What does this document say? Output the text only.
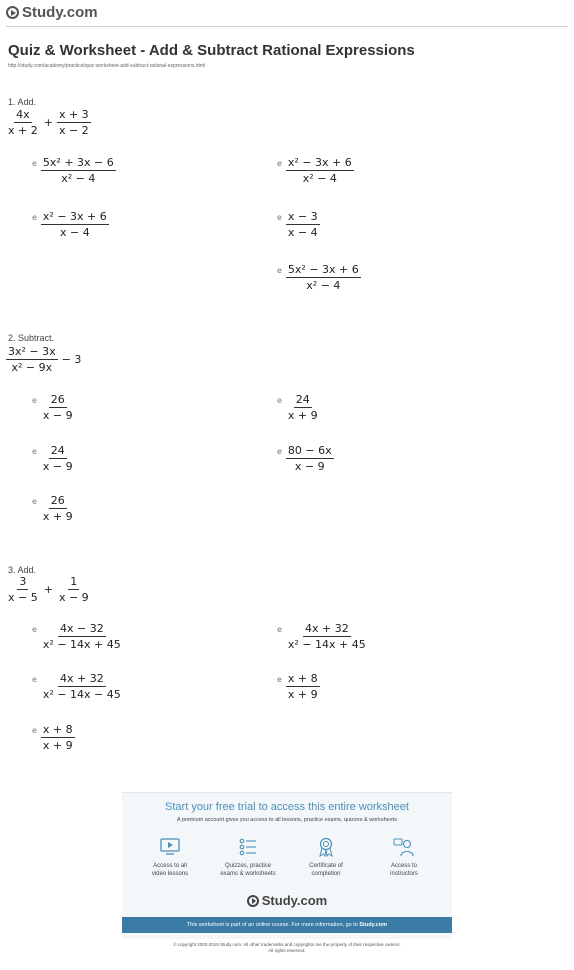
Study.com
Quiz & Worksheet - Add & Subtract Rational Expressions
http://study.com/academy/practice/quiz-worksheet-add-subtract-rational-expressions.html
1. Add.
$\frac{4x}{x + 2} + \frac{x + 3}{x - 2}$
e $\frac{\text{5x² + 3x − 6}}{\text{x² − 4}}$	e $\frac{\text{x² − 3x + 6}}{\text{x² − 4}}$
e $\frac{\text{x² − 3x + 6}}{x - 4}$	e $\frac{x - 3}{x - 4}$
e $\frac{\text{5x² − 3x + 6}}{\text{x² − 4}}$
2. Subtract.
$\frac{\text{3x² − 3x}}{\text{x² − 9x}} - 3$
e $\frac{26}{x - 9}$	e $\frac{24}{x + 9}$
e $\frac{24}{x - 9}$	e $\frac{80 - 6x}{x - 9}$
e $\frac{26}{x + 9}$
3. Add.
$\frac{3}{x - 5} + \frac{1}{x - 9}$
e $\frac{4x - 32}{\text{x² − 14x + 45}}$	e $\frac{4x + 32}{\text{x² − 14x + 45}}$
e $\frac{4x + 32}{\text{x² − 14x − 45}}$	e $\frac{x + 8}{x + 9}$
e $\frac{x + 8}{x + 9}$
Start your free trial to access this entire worksheet
A premium account gives you access to all lessons, practice exams, quizzes & worksheets
Access to all
video lessons
Quizzes, practice
exams & worksheets
Certificate of
completion
Access to
instructors
Study.com
This worksheet is part of an online course. For more information, go to Study.com
© copyright 2003-2015 Study.com. All other trademarks and copyrights are the property of their respective owners.
All rights reserved.
